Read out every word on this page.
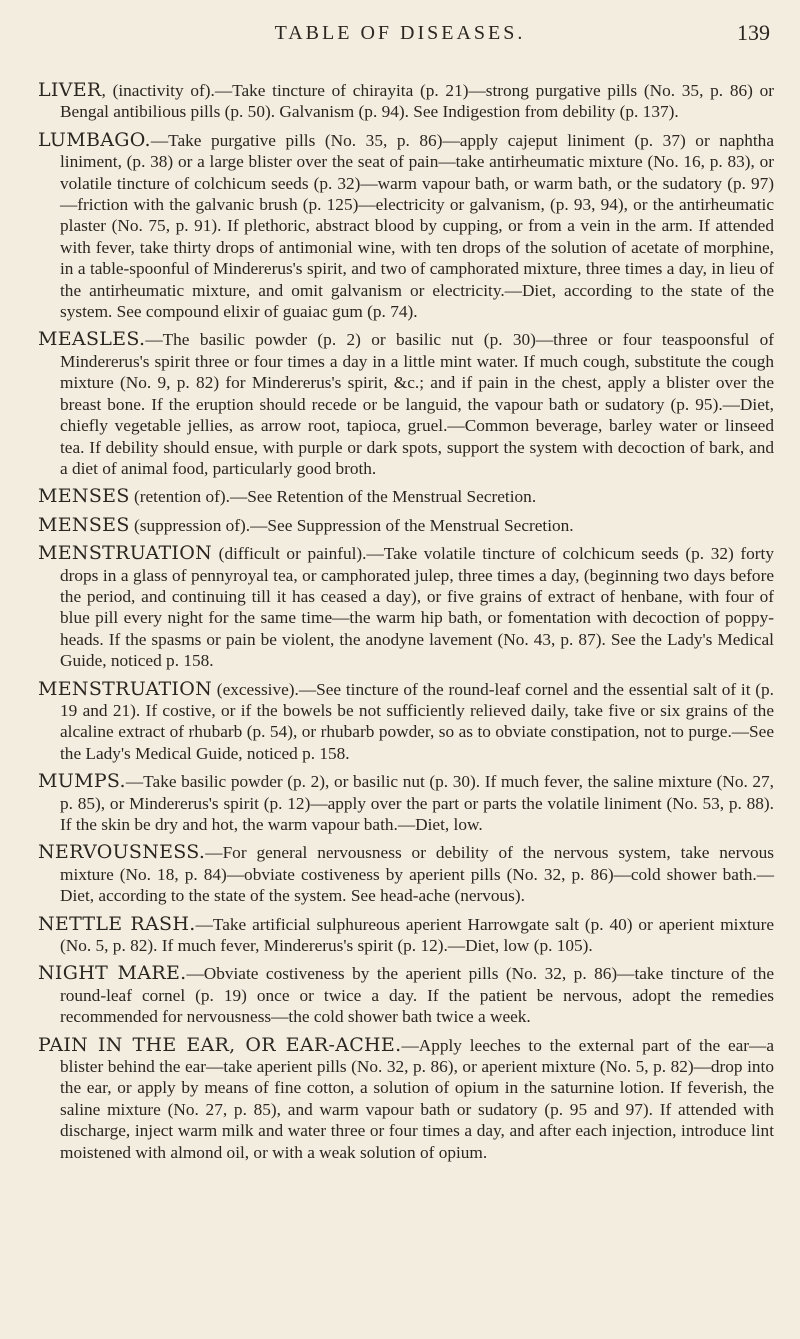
TABLE OF DISEASES.	139

LIVER, (inactivity of).—Take tincture of chirayita (p. 21)—strong purgative pills (No. 35, p. 86) or Bengal antibilious pills (p. 50). Galvanism (p. 94). See Indigestion from debility (p. 137).

LUMBAGO.—Take purgative pills (No. 35, p. 86)—apply cajeput liniment (p. 37) or naphtha liniment, (p. 38) or a large blister over the seat of pain—take antirheumatic mixture (No. 16, p. 83), or volatile tincture of colchicum seeds (p. 32)—warm vapour bath, or warm bath, or the sudatory (p. 97)—friction with the galvanic brush (p. 125)—electricity or galvanism, (p. 93, 94), or the antirheumatic plaster (No. 75, p. 91). If plethoric, abstract blood by cupping, or from a vein in the arm. If attended with fever, take thirty drops of antimonial wine, with ten drops of the solution of acetate of morphine, in a table-spoonful of Mindererus's spirit, and two of camphorated mixture, three times a day, in lieu of the antirheumatic mixture, and omit galvanism or electricity.—Diet, according to the state of the system. See compound elixir of guaiac gum (p. 74).

MEASLES.—The basilic powder (p. 2) or basilic nut (p. 30)—three or four teaspoonsful of Mindererus's spirit three or four times a day in a little mint water. If much cough, substitute the cough mixture (No. 9, p. 82) for Mindererus's spirit, &c.; and if pain in the chest, apply a blister over the breast bone. If the eruption should recede or be languid, the vapour bath or sudatory (p. 95).—Diet, chiefly vegetable jellies, as arrow root, tapioca, gruel.—Common beverage, barley water or linseed tea. If debility should ensue, with purple or dark spots, support the system with decoction of bark, and a diet of animal food, particularly good broth.

MENSES (retention of).—See Retention of the Menstrual Secretion.

MENSES (suppression of).—See Suppression of the Menstrual Secretion.

MENSTRUATION (difficult or painful).—Take volatile tincture of colchicum seeds (p. 32) forty drops in a glass of pennyroyal tea, or camphorated julep, three times a day, (beginning two days before the period, and continuing till it has ceased a day), or five grains of extract of henbane, with four of blue pill every night for the same time—the warm hip bath, or fomentation with decoction of poppy-heads. If the spasms or pain be violent, the anodyne lavement (No. 43, p. 87). See the Lady's Medical Guide, noticed p. 158.

MENSTRUATION (excessive).—See tincture of the round-leaf cornel and the essential salt of it (p. 19 and 21). If costive, or if the bowels be not sufficiently relieved daily, take five or six grains of the alcaline extract of rhubarb (p. 54), or rhubarb powder, so as to obviate constipation, not to purge.—See the Lady's Medical Guide, noticed p. 158.

MUMPS.—Take basilic powder (p. 2), or basilic nut (p. 30). If much fever, the saline mixture (No. 27, p. 85), or Mindererus's spirit (p. 12)—apply over the part or parts the volatile liniment (No. 53, p. 88). If the skin be dry and hot, the warm vapour bath.—Diet, low.

NERVOUSNESS.—For general nervousness or debility of the nervous system, take nervous mixture (No. 18, p. 84)—obviate costiveness by aperient pills (No. 32, p. 86)—cold shower bath.—Diet, according to the state of the system. See head-ache (nervous).

NETTLE RASH.—Take artificial sulphureous aperient Harrowgate salt (p. 40) or aperient mixture (No. 5, p. 82). If much fever, Mindererus's spirit (p. 12).—Diet, low (p. 105).

NIGHT MARE.—Obviate costiveness by the aperient pills (No. 32, p. 86)—take tincture of the round-leaf cornel (p. 19) once or twice a day. If the patient be nervous, adopt the remedies recommended for nervousness—the cold shower bath twice a week.

PAIN IN THE EAR, OR EAR-ACHE.—Apply leeches to the external part of the ear—a blister behind the ear—take aperient pills (No. 32, p. 86), or aperient mixture (No. 5, p. 82)—drop into the ear, or apply by means of fine cotton, a solution of opium in the saturnine lotion. If feverish, the saline mixture (No. 27, p. 85), and warm vapour bath or sudatory (p. 95 and 97). If attended with discharge, inject warm milk and water three or four times a day, and after each injection, introduce lint moistened with almond oil, or with a weak solution of opium.
